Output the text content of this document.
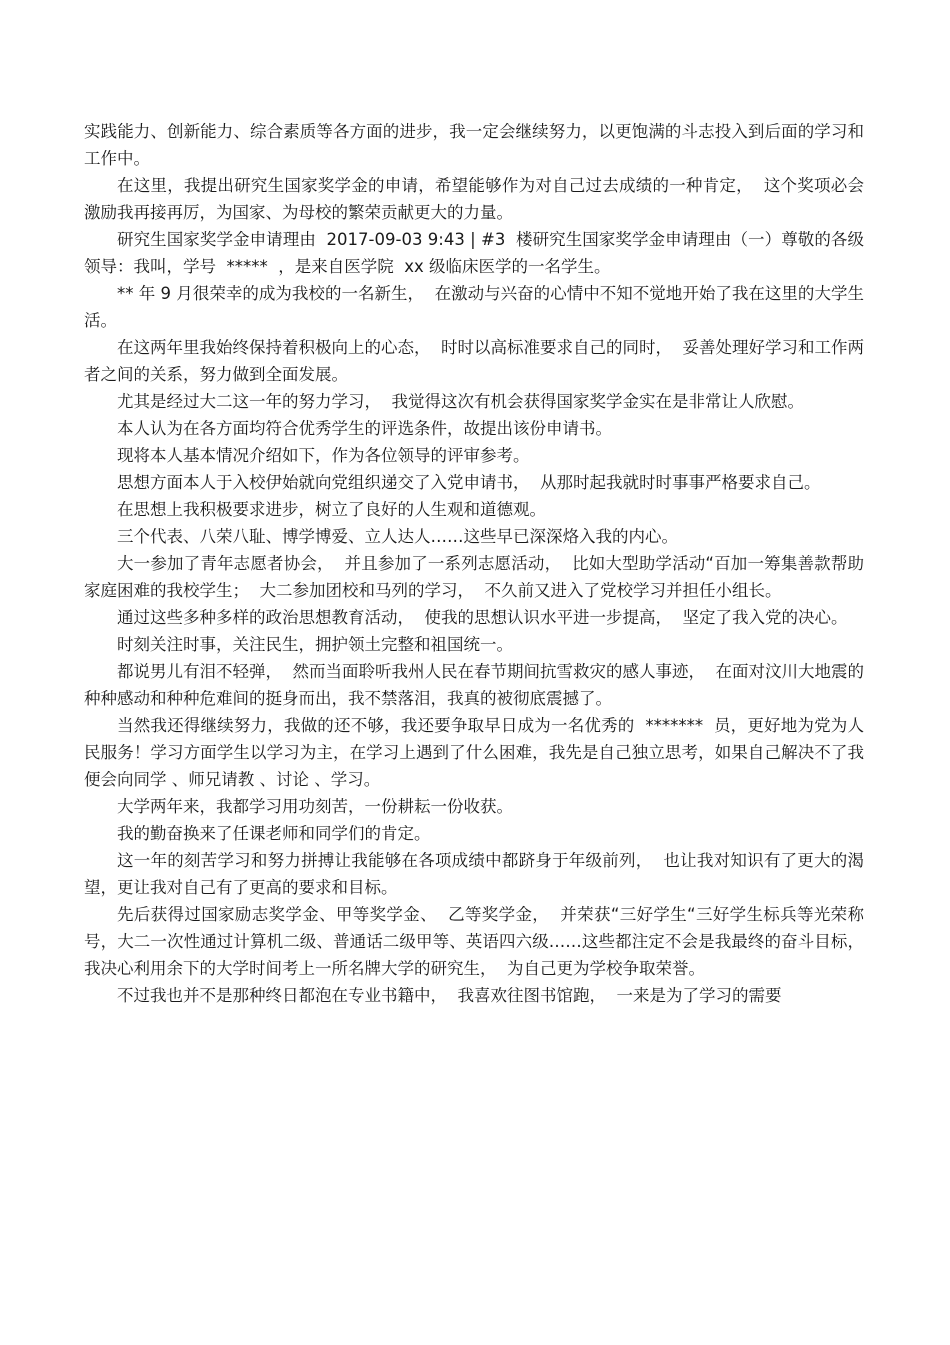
实践能力、创新能力、综合素质等各方面的进步，我一定会继续努力，以更饱满的斗志投入到后面的学习和工作中。

在这里，我提出研究生国家奖学金的申请，希望能够作为对自己过去成绩的一种肯定，  这个奖项必会激励我再接再厉，为国家、为母校的繁荣贡献更大的力量。

研究生国家奖学金申请理由  2017-09-03 9:43 | #3  楼研究生国家奖学金申请理由（一）尊敬的各级领导：我叫，学号  *****  ，是来自医学院  xx 级临床医学的一名学生。

** 年 9 月很荣幸的成为我校的一名新生，  在激动与兴奋的心情中不知不觉地开始了我在这里的大学生活。

在这两年里我始终保持着积极向上的心态，  时时以高标准要求自己的同时，  妥善处理好学习和工作两者之间的关系，努力做到全面发展。

尤其是经过大二这一年的努力学习，  我觉得这次有机会获得国家奖学金实在是非常让人欣慰。

本人认为在各方面均符合优秀学生的评选条件，故提出该份申请书。

现将本人基本情况介绍如下，作为各位领导的评审参考。

思想方面本人于入校伊始就向党组织递交了入党申请书，  从那时起我就时时事事严格要求自己。

在思想上我积极要求进步，树立了良好的人生观和道德观。

三个代表、八荣八耻、博学博爱、立人达人……这些早已深深烙入我的内心。

大一参加了青年志愿者协会，  并且参加了一系列志愿活动，  比如大型助学活动“百加一筹集善款帮助家庭困难的我校学生；  大二参加团校和马列的学习，  不久前又进入了党校学习并担任小组长。

通过这些多种多样的政治思想教育活动，  使我的思想认识水平进一步提高，  坚定了我入党的决心。

时刻关注时事，关注民生，拥护领土完整和祖国统一。

都说男儿有泪不轻弹，  然而当面聆听我州人民在春节期间抗雪救灾的感人事迹，  在面对汶川大地震的种种感动和种种危难间的挺身而出，我不禁落泪，我真的被彻底震撼了。

当然我还得继续努力，我做的还不够，我还要争取早日成为一名优秀的  *******  员，更好地为党为人民服务！学习方面学生以学习为主，在学习上遇到了什么困难，我先是自己独立思考，如果自己解决不了我便会向同学 、师兄请教 、讨论 、学习。

大学两年来，我都学习用功刻苦，一份耕耘一份收获。

我的勤奋换来了任课老师和同学们的肯定。

这一年的刻苦学习和努力拼搏让我能够在各项成绩中都跻身于年级前列，  也让我对知识有了更大的渴望，更让我对自己有了更高的要求和目标。

先后获得过国家励志奖学金、甲等奖学金、  乙等奖学金，  并荣获“三好学生“三好学生标兵等光荣称号，大二一次性通过计算机二级、普通话二级甲等、英语四六级……这些都注定不会是我最终的奋斗目标，  我决心利用余下的大学时间考上一所名牌大学的研究生，  为自己更为学校争取荣誉。

不过我也并不是那种终日都泡在专业书籍中，  我喜欢往图书馆跑，  一来是为了学习的需要
